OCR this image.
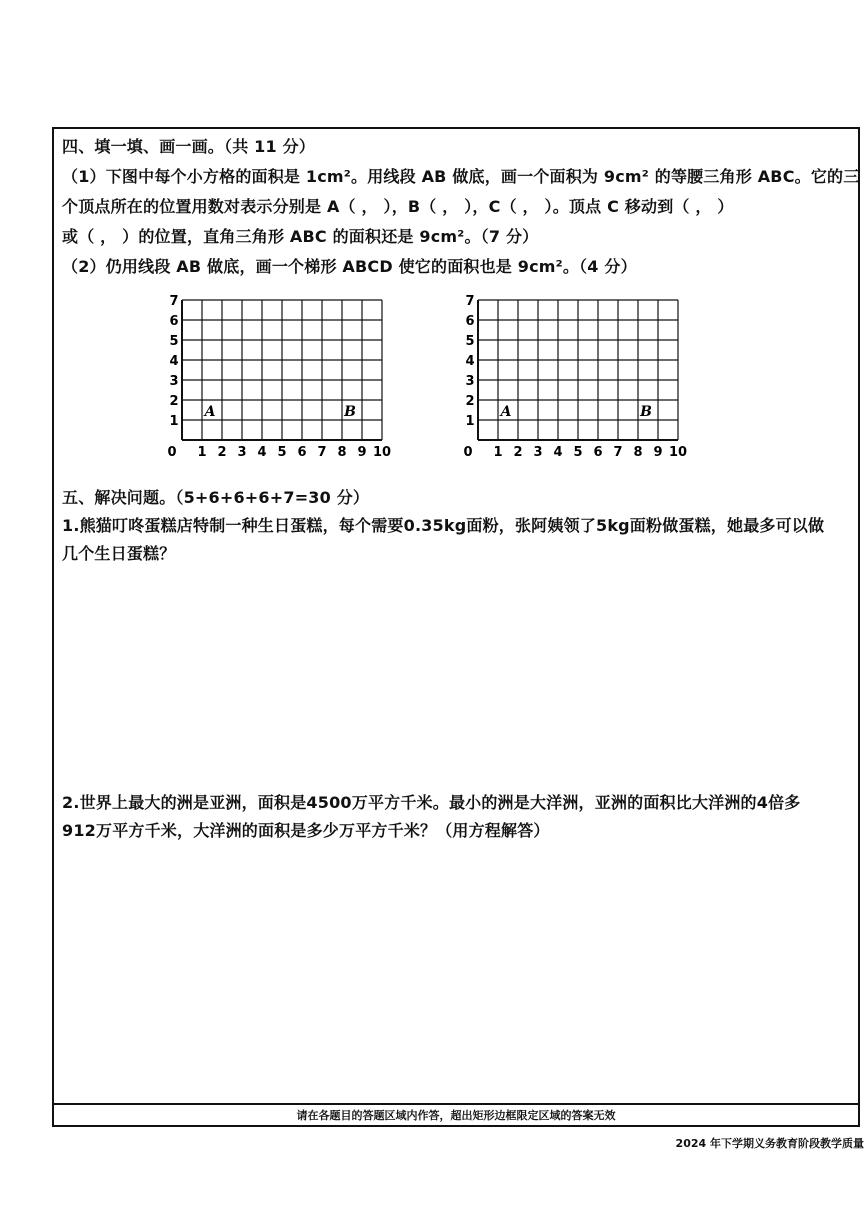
四、填一填、画一画。（共 11 分）
（1）下图中每个小方格的面积是 1cm²。用线段 AB 做底，画一个面积为 9cm² 的等腰三角形 ABC。它的三
个顶点所在的位置用数对表示分别是 A（ ， ），B（ ， ），C（ ， ）。顶点 C 移动到（ ， ）
或（ ， ）的位置，直角三角形 ABC 的面积还是 9cm²。（7 分）
（2）仍用线段 AB 做底，画一个梯形 ABCD 使它的面积也是 9cm²。（4 分）
0 1 2 3 4 5 6 7 8 9 10
1
2
3
4
5
6
7
A	B
0 1 2 3 4 5 6 7 8 9 10
1
2
3
4
5
6
7
A	B
五、解决问题。（5+6+6+6+7=30 分）
1.熊猫叮咚蛋糕店特制一种生日蛋糕，每个需要0.35kg面粉，张阿姨领了5kg面粉做蛋糕，她最多可以做
几个生日蛋糕？
2.世界上最大的洲是亚洲，面积是4500万平方千米。最小的洲是大洋洲，亚洲的面积比大洋洲的4倍多
912万平方千米，大洋洲的面积是多少万平方千米？（用方程解答）
请在各题目的答题区域内作答，超出矩形边框限定区域的答案无效
2024 年下学期义务教育阶段教学质量
